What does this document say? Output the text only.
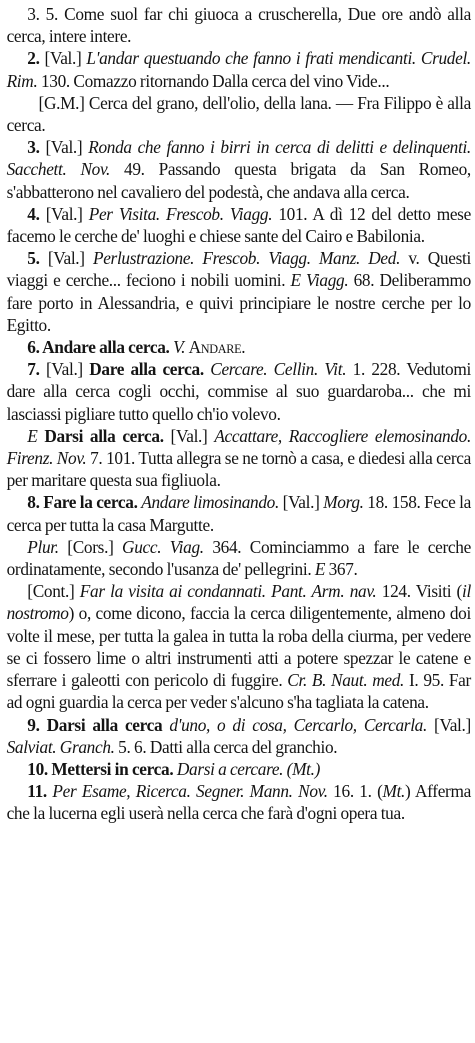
3. 5. Come suol far chi giuoca a cruscherella, Due ore andò alla cerca, intere intere.

2. [Val.] L'andar questuando che fanno i frati mendicanti. Crudel. Rim. 130. Comazzo ritornando Dalla cerca del vino Vide...

[G.M.] Cerca del grano, dell'olio, della lana. — Fra Filippo è alla cerca.

3. [Val.] Ronda che fanno i birri in cerca di delitti e delinquenti. Sacchett. Nov. 49. Passando questa brigata da San Romeo, s'abbatterono nel cavaliero del podestà, che andava alla cerca.

4. [Val.] Per Visita. Frescob. Viagg. 101. A dì 12 del detto mese facemo le cerche de' luoghi e chiese sante del Cairo e Babilonia.

5. [Val.] Perlustrazione. Frescob. Viagg. Manz. Ded. v. Questi viaggi e cerche... feciono i nobili uomini. E Viagg. 68. Deliberammo fare porto in Alessandria, e quivi principiare le nostre cerche per lo Egitto.

6. Andare alla cerca. V. Andare.

7. [Val.] Dare alla cerca. Cercare. Cellin. Vit. 1. 228. Vedutomi dare alla cerca cogli occhi, commise al suo guardaroba... che mi lasciassi pigliare tutto quello ch'io volevo.

E Darsi alla cerca. [Val.] Accattare, Raccogliere elemosinando. Firenz. Nov. 7. 101. Tutta allegra se ne tornò a casa, e diedesi alla cerca per maritare questa sua figliuola.

8. Fare la cerca. Andare limosinando. [Val.] Morg. 18. 158. Fece la cerca per tutta la casa Margutte.

Plur. [Cors.] Gucc. Viag. 364. Cominciammo a fare le cerche ordinatamente, secondo l'usanza de' pellegrini. E 367.

[Cont.] Far la visita ai condannati. Pant. Arm. nav. 124. Visiti (il nostromo) o, come dicono, faccia la cerca diligentemente, almeno doi volte il mese, per tutta la galea in tutta la roba della ciurma, per vedere se ci fossero lime o altri instrumenti atti a potere spezzar le catene e sferrare i galeotti con pericolo di fuggire. Cr. B. Naut. med. I. 95. Far ad ogni guardia la cerca per veder s'alcuno s'ha tagliata la catena.

9. Darsi alla cerca d'uno, o di cosa, Cercarlo, Cercarla. [Val.] Salviat. Granch. 5. 6. Datti alla cerca del granchio.

10. Mettersi in cerca. Darsi a cercare. (Mt.)

11. Per Esame, Ricerca. Segner. Mann. Nov. 16. 1. (Mt.) Afferma che la lucerna egli userà nella cerca che farà d'ogni opera tua.
